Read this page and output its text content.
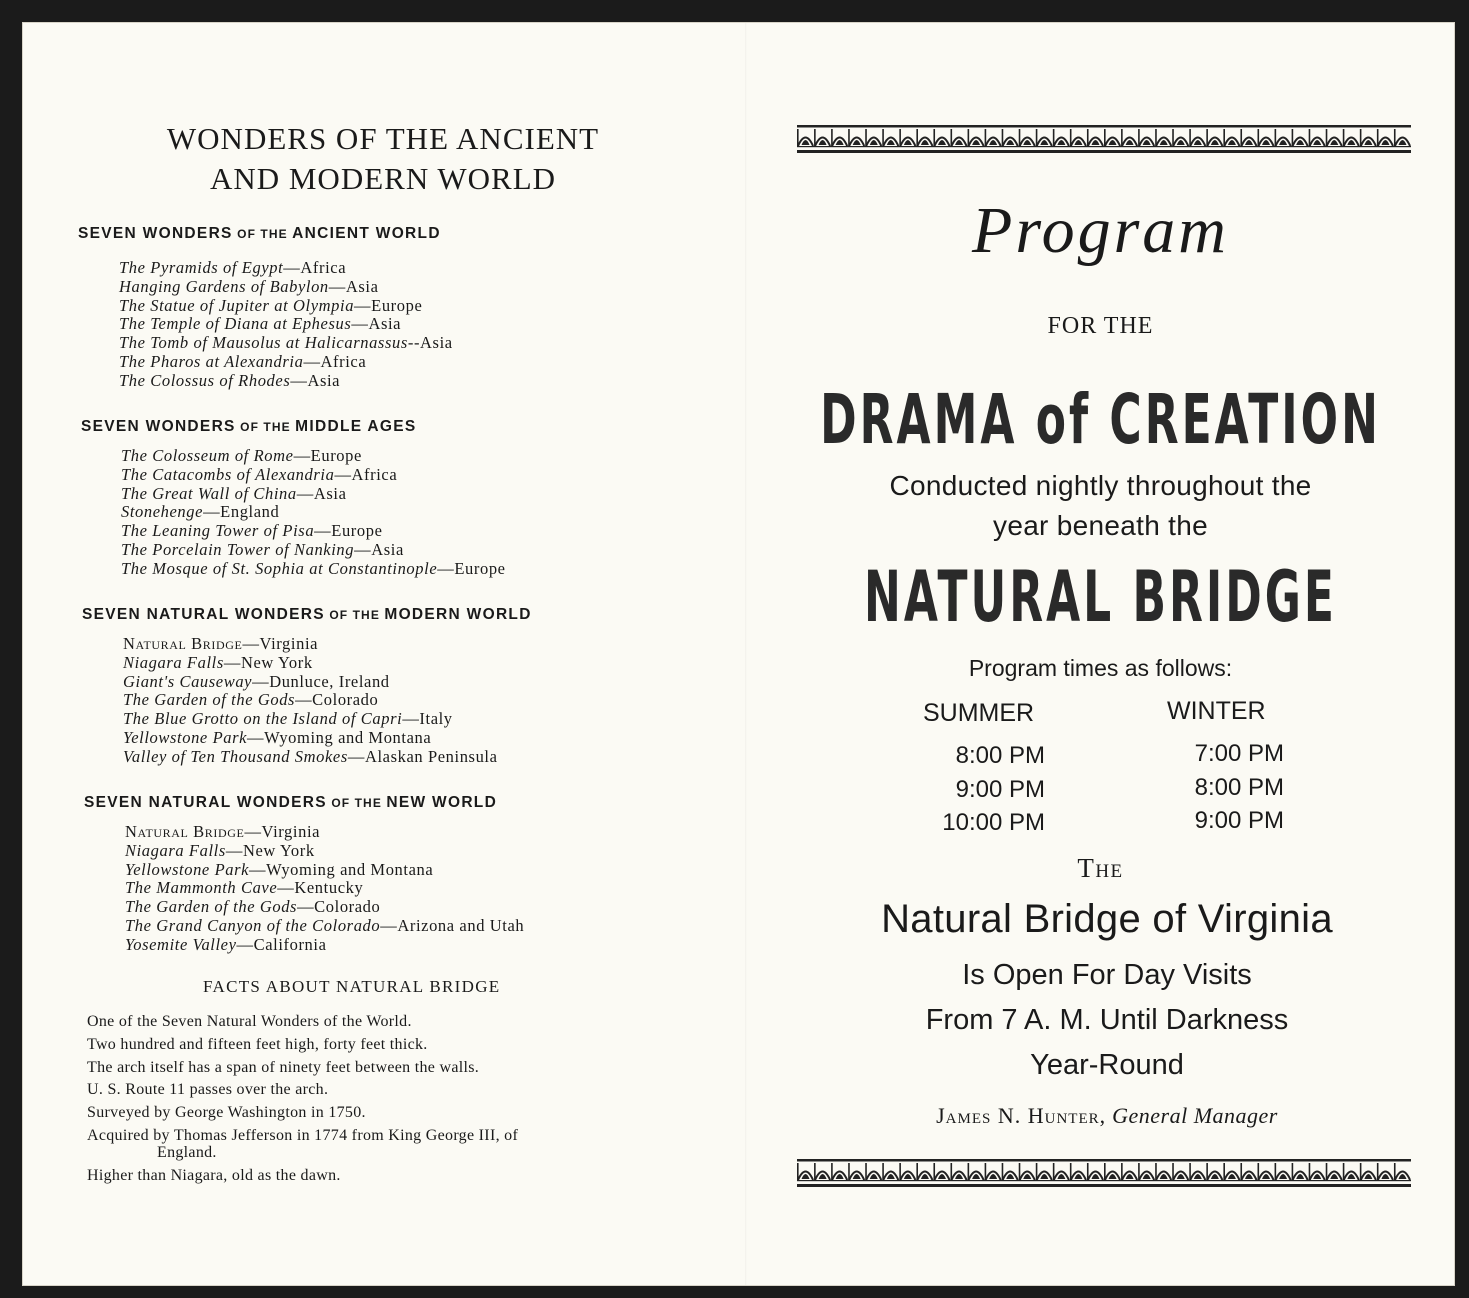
WONDERS OF THE ANCIENT
AND MODERN WORLD
SEVEN WONDERS OF THE ANCIENT WORLD
The Pyramids of Egypt—Africa
Hanging Gardens of Babylon—Asia
The Statue of Jupiter at Olympia—Europe
The Temple of Diana at Ephesus—Asia
The Tomb of Mausolus at Halicarnassus--Asia
The Pharos at Alexandria—Africa
The Colossus of Rhodes—Asia
SEVEN WONDERS OF THE MIDDLE AGES
The Colosseum of Rome—Europe
The Catacombs of Alexandria—Africa
The Great Wall of China—Asia
Stonehenge—England
The Leaning Tower of Pisa—Europe
The Porcelain Tower of Nanking—Asia
The Mosque of St. Sophia at Constantinople—Europe
SEVEN NATURAL WONDERS OF THE MODERN WORLD
Natural Bridge—Virginia
Niagara Falls—New York
Giant's Causeway—Dunluce, Ireland
The Garden of the Gods—Colorado
The Blue Grotto on the Island of Capri—Italy
Yellowstone Park—Wyoming and Montana
Valley of Ten Thousand Smokes—Alaskan Peninsula
SEVEN NATURAL WONDERS OF THE NEW WORLD
Natural Bridge—Virginia
Niagara Falls—New York
Yellowstone Park—Wyoming and Montana
The Mammonth Cave—Kentucky
The Garden of the Gods—Colorado
The Grand Canyon of the Colorado—Arizona and Utah
Yosemite Valley—California
FACTS ABOUT NATURAL BRIDGE
One of the Seven Natural Wonders of the World.
Two hundred and fifteen feet high, forty feet thick.
The arch itself has a span of ninety feet between the walls.
U. S. Route 11 passes over the arch.
Surveyed by George Washington in 1750.
Acquired by Thomas Jefferson in 1774 from King George III, of
England.
Higher than Niagara, old as the dawn.
Program
FOR THE
DRAMA of CREATION
Conducted nightly throughout the
year beneath the
NATURAL BRIDGE
Program times as follows:
SUMMER	WINTER
8:00 PM
9:00 PM
10:00 PM
7:00 PM
8:00 PM
9:00 PM
The
Natural Bridge of Virginia
Is Open For Day Visits
From 7 A. M. Until Darkness
Year-Round
James N. Hunter, General Manager
